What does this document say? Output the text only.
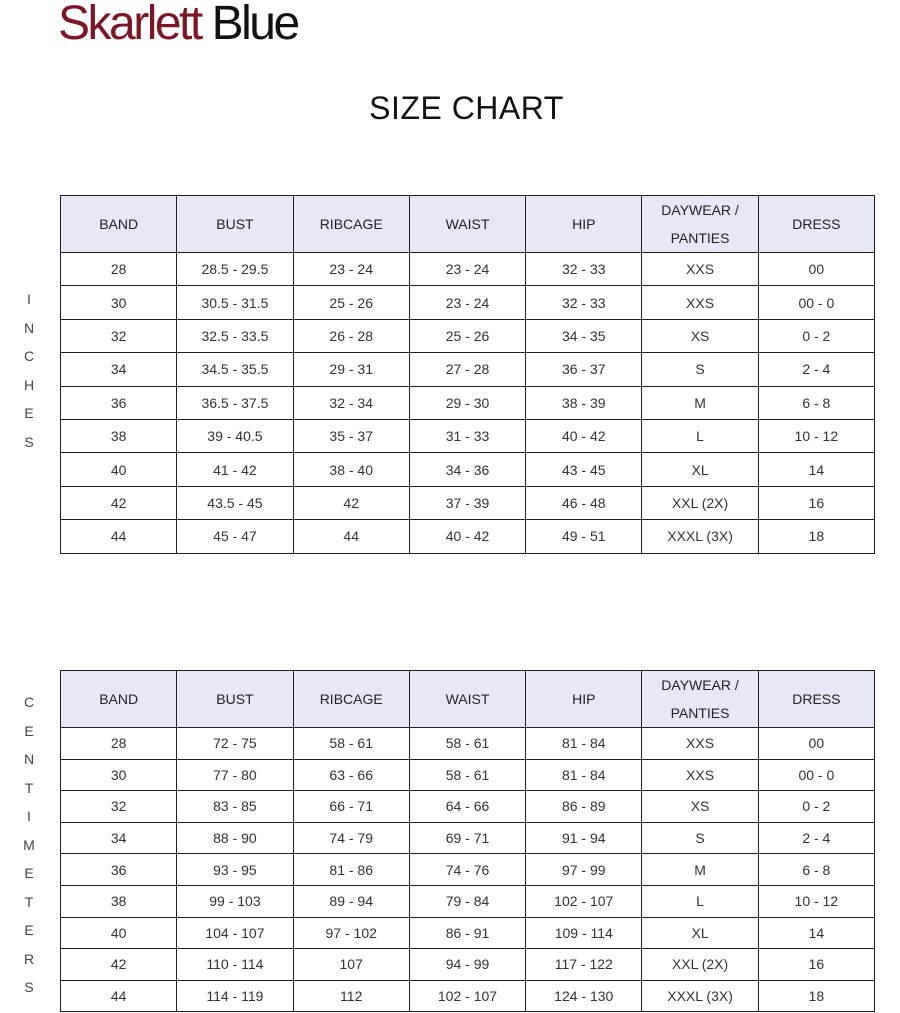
Skarlett Blue
SIZE CHART
I
N
C
H
E
S
C
E
N
T
I
M
E
T
E
R
S
BAND	BUST	RIBCAGE	WAIST	HIP	DAYWEAR / PANTIES	DRESS
28	28.5 - 29.5	23 - 24	23 - 24	32 - 33	XXS	00
30	30.5 - 31.5	25 - 26	23 - 24	32 - 33	XXS	00 - 0
32	32.5 - 33.5	26 - 28	25 - 26	34 - 35	XS	0 - 2
34	34.5 - 35.5	29 - 31	27 - 28	36 - 37	S	2 - 4
36	36.5 - 37.5	32 - 34	29 - 30	38 - 39	M	6 - 8
38	39 - 40.5	35 - 37	31 - 33	40 - 42	L	10 - 12
40	41 - 42	38 - 40	34 - 36	43 - 45	XL	14
42	43.5 - 45	42	37 - 39	46 - 48	XXL (2X)	16
44	45 - 47	44	40 - 42	49 - 51	XXXL (3X)	18
BAND	BUST	RIBCAGE	WAIST	HIP	DAYWEAR / PANTIES	DRESS
28	72 - 75	58 - 61	58 - 61	81 - 84	XXS	00
30	77 - 80	63 - 66	58 - 61	81 - 84	XXS	00 - 0
32	83 - 85	66 - 71	64 - 66	86 - 89	XS	0 - 2
34	88 - 90	74 - 79	69 - 71	91 - 94	S	2 - 4
36	93 - 95	81 - 86	74 - 76	97 - 99	M	6 - 8
38	99 - 103	89 - 94	79 - 84	102 - 107	L	10 - 12
40	104 - 107	97 - 102	86 - 91	109 - 114	XL	14
42	110 - 114	107	94 - 99	117 - 122	XXL (2X)	16
44	114 - 119	112	102 - 107	124 - 130	XXXL (3X)	18
